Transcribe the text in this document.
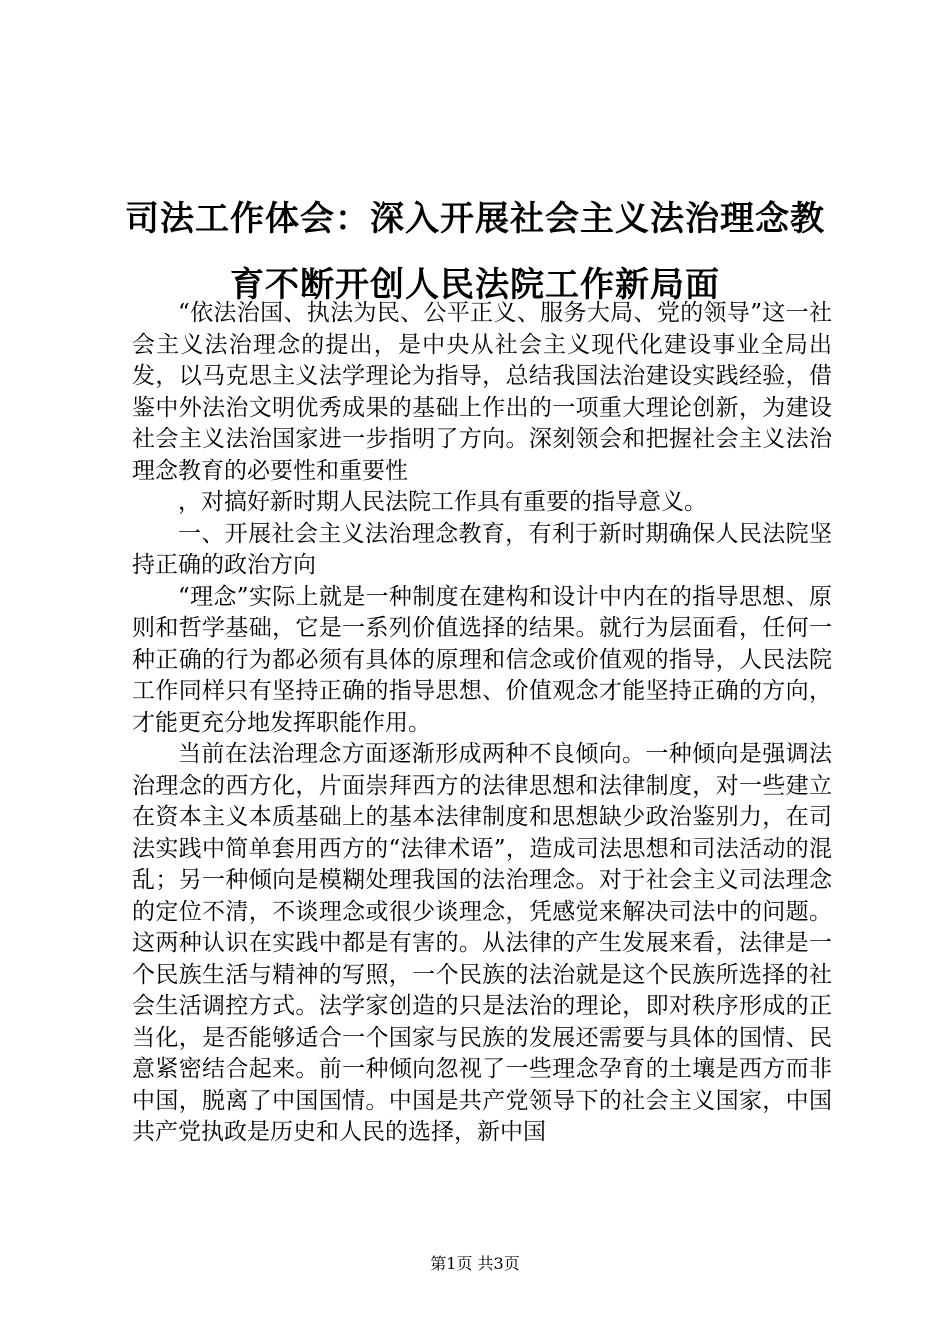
司法工作体会：深入开展社会主义法治理念教
育不断开创人民法院工作新局面

“依法治国、执法为民、公平正义、服务大局、党的领导”这一社会主义法治理念的提出，是中央从社会主义现代化建设事业全局出发，以马克思主义法学理论为指导，总结我国法治建设实践经验，借鉴中外法治文明优秀成果的基础上作出的一项重大理论创新，为建设社会主义法治国家进一步指明了方向。深刻领会和把握社会主义法治理念教育的必要性和重要性

，对搞好新时期人民法院工作具有重要的指导意义。

一、开展社会主义法治理念教育，有利于新时期确保人民法院坚持正确的政治方向

“理念”实际上就是一种制度在建构和设计中内在的指导思想、原则和哲学基础，它是一系列价值选择的结果。就行为层面看，任何一种正确的行为都必须有具体的原理和信念或价值观的指导，人民法院工作同样只有坚持正确的指导思想、价值观念才能坚持正确的方向，才能更充分地发挥职能作用。

当前在法治理念方面逐渐形成两种不良倾向。一种倾向是强调法治理念的西方化，片面崇拜西方的法律思想和法律制度，对一些建立在资本主义本质基础上的基本法律制度和思想缺少政治鉴别力，在司法实践中简单套用西方的“法律术语”，造成司法思想和司法活动的混乱；另一种倾向是模糊处理我国的法治理念。对于社会主义司法理念的定位不清，不谈理念或很少谈理念，凭感觉来解决司法中的问题。这两种认识在实践中都是有害的。从法律的产生发展来看，法律是一个民族生活与精神的写照，一个民族的法治就是这个民族所选择的社会生活调控方式。法学家创造的只是法治的理论，即对秩序形成的正当化，是否能够适合一个国家与民族的发展还需要与具体的国情、民意紧密结合起来。前一种倾向忽视了一些理念孕育的土壤是西方而非中国，脱离了中国国情。中国是共产党领导下的社会主义国家，中国共产党执政是历史和人民的选择，新中国

第1页 共3页
